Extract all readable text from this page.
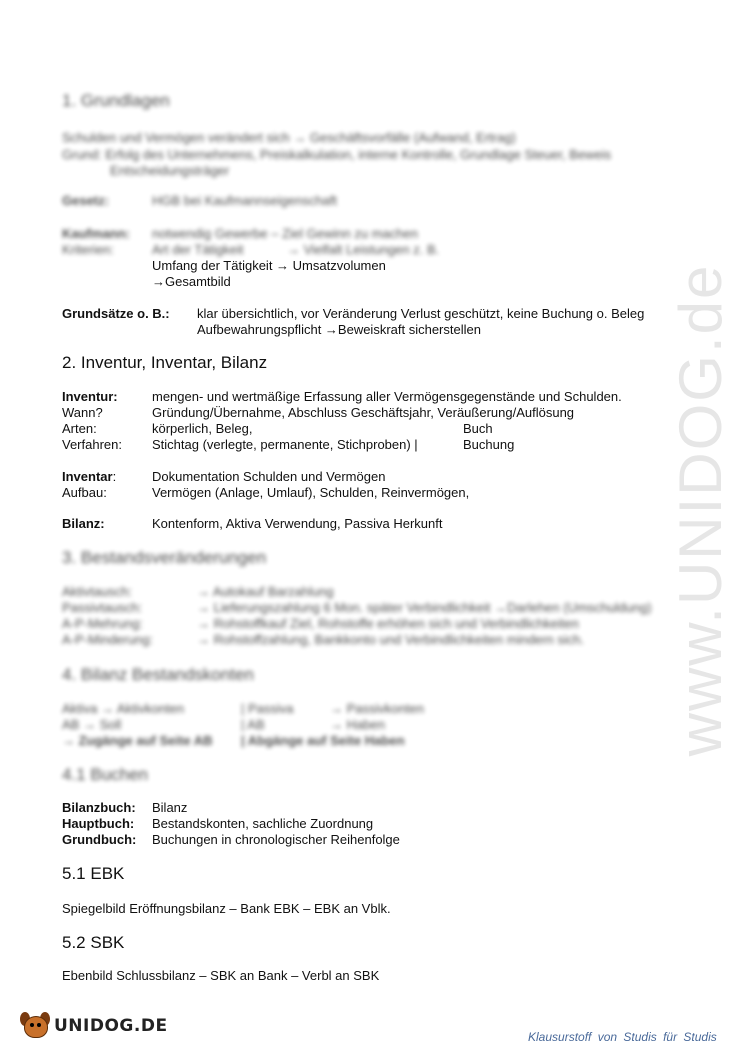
www.UNIDOG.de
1. Grundlagen
Schulden und Vermögen verändert sich → Geschäftsvorfälle (Aufwand, Ertrag)
Grund: Erfolg des Unternehmens, Preiskalkulation, interne Kontrolle, Grundlage Steuer, Beweis
Entscheidungsträger
Gesetz:	HGB bei Kaufmannseigenschaft
Kaufmann: notwendig Gewerbe – Ziel Gewinn zu machen
Kriterien:	Art der Tätigkeit	→ Vielfalt Leistungen z. B.
Umfang der Tätigkeit → Umsatzvolumen
→Gesamtbild
Grundsätze o. B.: klar übersichtlich, vor Veränderung Verlust geschützt, keine Buchung o. Beleg
Aufbewahrungspflicht →Beweiskraft sicherstellen
2. Inventur, Inventar, Bilanz
Inventur:	mengen- und wertmäßige Erfassung aller Vermögensgegenstände und Schulden.
Wann?	Gründung/Übernahme, Abschluss Geschäftsjahr, Veräußerung/Auflösung
Arten:	körperlich, Beleg,	Buch
Verfahren: Stichtag (verlegte, permanente, Stichproben) |	Buchung
Inventar:	Dokumentation Schulden und Vermögen
Aufbau:	Vermögen (Anlage, Umlauf), Schulden, Reinvermögen,
Bilanz:	Kontenform, Aktiva Verwendung, Passiva Herkunft
3. Bestandsveränderungen
Aktivtausch:	→ Autokauf Barzahlung
Passivtausch:	→ Lieferungszahlung 6 Mon. später Verbindlichkeit →Darlehen (Umschuldung)
A-P-Mehrung:	→ Rohstoffkauf Ziel, Rohstoffe erhöhen sich und Verbindlichkeiten
A-P-Minderung:	→ Rohstoffzahlung, Bankkonto und Verbindlichkeiten mindern sich.
4. Bilanz Bestandskonten
Aktiva → Aktivkonten	| Passiva	→ Passivkonten
AB → Soll	| AB	→ Haben
→ Zugänge auf Seite AB | Abgänge auf Seite Haben
4.1 Buchen
Bilanzbuch: Bilanz
Hauptbuch: Bestandskonten, sachliche Zuordnung
Grundbuch: Buchungen in chronologischer Reihenfolge
5.1 EBK
Spiegelbild Eröffnungsbilanz – Bank EBK – EBK an Vblk.
5.2 SBK
Ebenbild Schlussbilanz – SBK an Bank – Verbl an SBK
UNIDOG.DE
Klausurstoff von Studis für Studis
